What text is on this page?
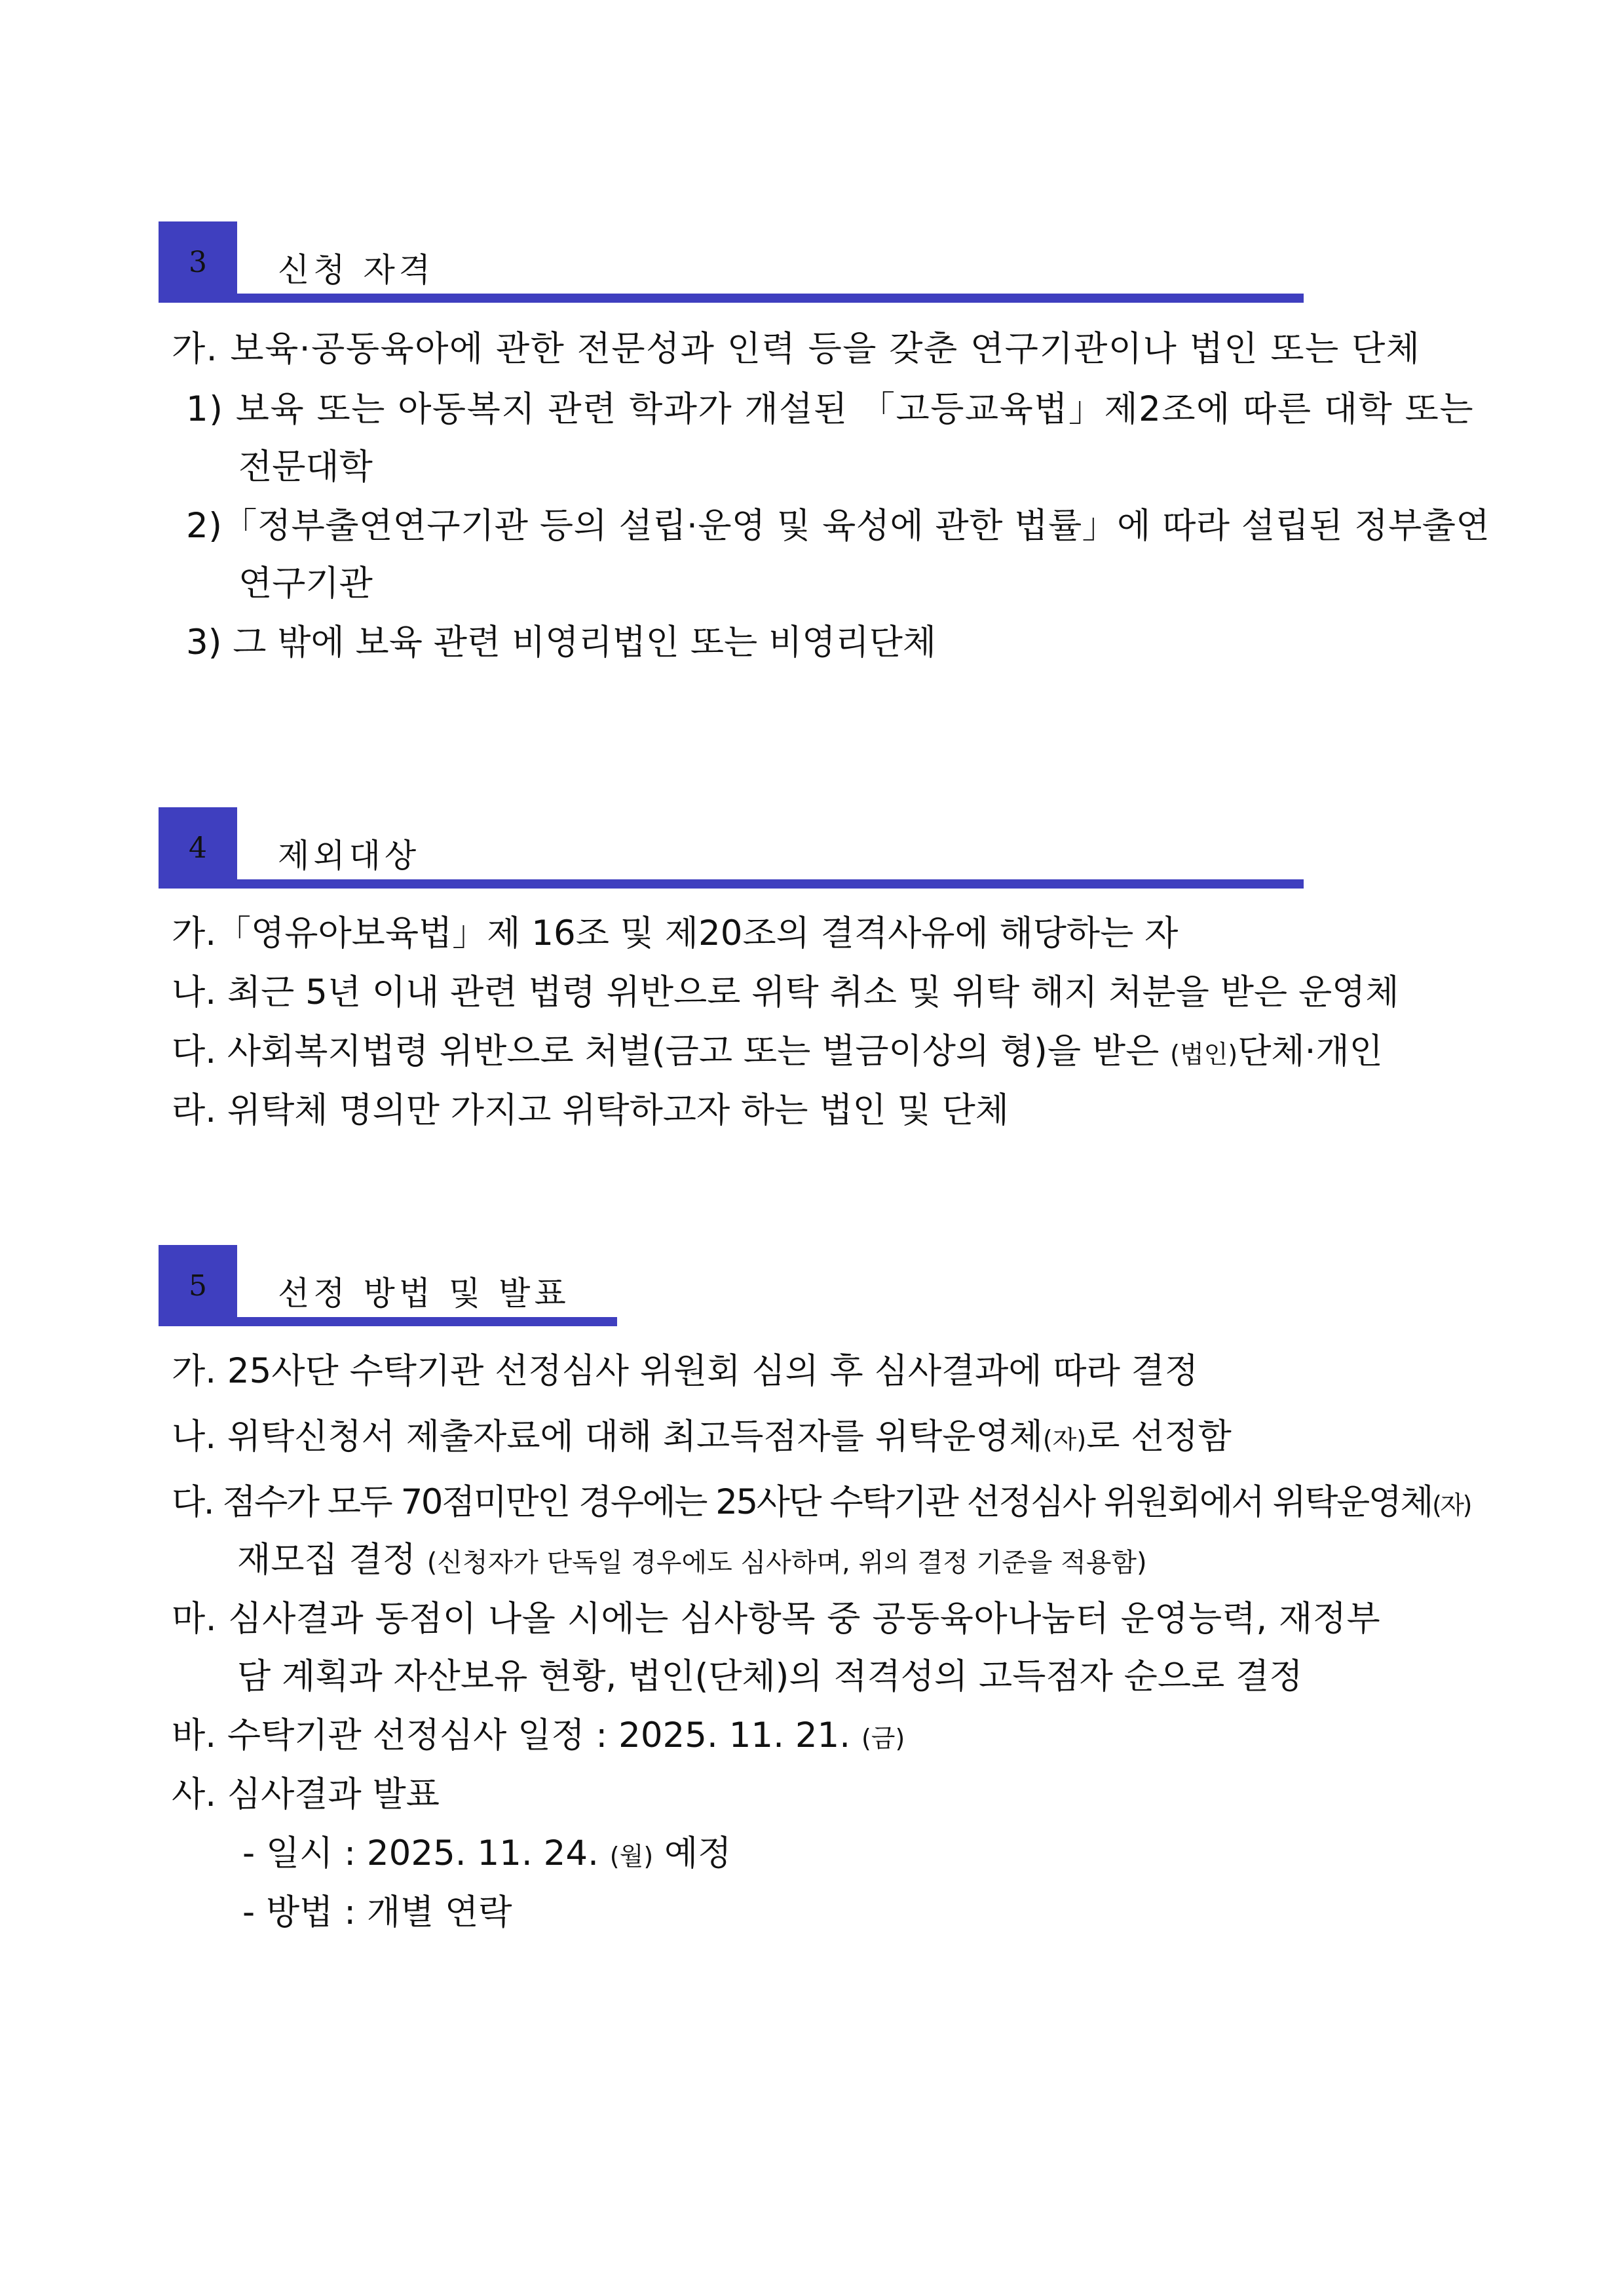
3	신청 자격
가. 보육·공동육아에 관한 전문성과 인력 등을 갖춘 연구기관이나 법인 또는 단체
1) 보육 또는 아동복지 관련 학과가 개설된 「고등교육법」제2조에 따른 대학 또는
전문대학
2)「정부출연연구기관 등의 설립·운영 및 육성에 관한 법률」에 따라 설립된 정부출연
연구기관
3) 그 밖에 보육 관련 비영리법인 또는 비영리단체
4	제외대상
가.「영유아보육법」제 16조 및 제20조의 결격사유에 해당하는 자
나. 최근 5년 이내 관련 법령 위반으로 위탁 취소 및 위탁 해지 처분을 받은 운영체
다. 사회복지법령 위반으로 처벌(금고 또는 벌금이상의 형)을 받은 (법인)단체·개인
라. 위탁체 명의만 가지고 위탁하고자 하는 법인 및 단체
5	선정 방법 및 발표
가. 25사단 수탁기관 선정심사 위원회 심의 후 심사결과에 따라 결정
나. 위탁신청서 제출자료에 대해 최고득점자를 위탁운영체(자)로 선정함
다. 점수가 모두 70점미만인 경우에는 25사단 수탁기관 선정심사 위원회에서 위탁운영체(자)
재모집 결정 (신청자가 단독일 경우에도 심사하며, 위의 결정 기준을 적용함)
마. 심사결과 동점이 나올 시에는 심사항목 중 공동육아나눔터 운영능력, 재정부
담 계획과 자산보유 현황, 법인(단체)의 적격성의 고득점자 순으로 결정
바. 수탁기관 선정심사 일정 : 2025. 11. 21. (금)
사. 심사결과 발표
- 일시 : 2025. 11. 24. (월) 예정
- 방법 : 개별 연락
